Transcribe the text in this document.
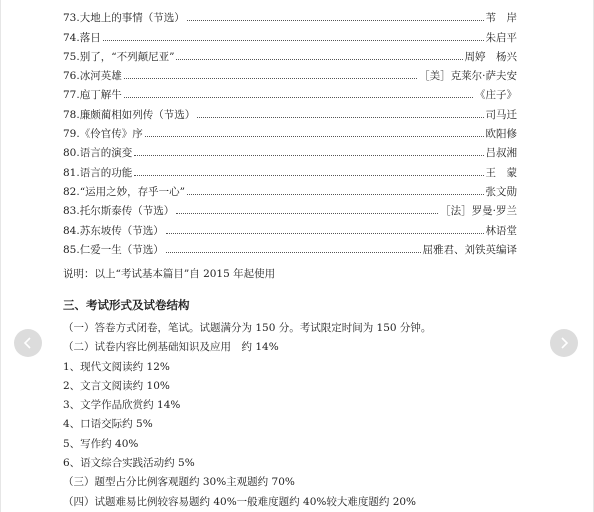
73.大地上的事情（节选）	苇　岸
74.落日	朱启平
75.别了，“不列颠尼亚”	周婷　杨兴
76.冰河英雄	［美］克莱尔·萨夫安
77.庖丁解牛	《庄子》
78.廉颇蔺相如列传（节选）	司马迁
79.《伶官传》序	欧阳修
80.语言的演变	吕叔湘
81.语言的功能	王　蒙
82.“运用之妙，存乎一心”	张文勋
83.托尔斯泰传（节选）	［法］罗曼·罗兰
84.苏东坡传（节选）	林语堂
85.仁爱一生（节选）	屈雅君、刘铁英编译
说明：以上“考试基本篇目”自 2015 年起使用
三、考试形式及试卷结构
（一）答卷方式闭卷，笔试。试题满分为 150 分。考试限定时间为 150 分钟。
（二）试卷内容比例基础知识及应用　约 14%
1、现代文阅读约 12%
2、文言文阅读约 10%
3、文学作品欣赏约 14%
4、口语交际约 5%
5、写作约 40%
6、语文综合实践活动约 5%
（三）题型占分比例客观题约 30%主观题约 70%
（四）试题难易比例较容易题约 40%一般难度题约 40%较大难度题约 20%
